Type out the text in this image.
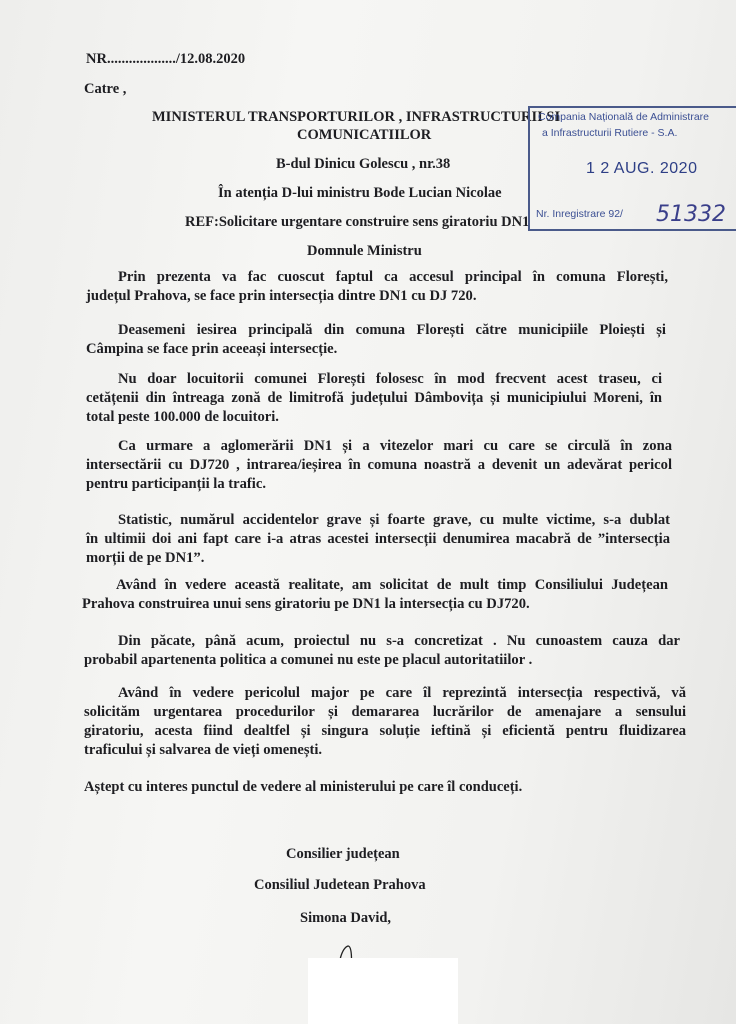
NR.................../12.08.2020
Catre ,
MINISTERUL TRANSPORTURILOR , INFRASTRUCTURII SI
COMUNICATIILOR
B-dul Dinicu Golescu , nr.38
În atenția D-lui ministru Bode Lucian Nicolae
REF:Solicitare urgentare construire sens giratoriu DN1
Domnule Ministru
Prin prezenta va fac cuoscut faptul ca accesul principal în comuna Florești,
județul Prahova, se face prin intersecția dintre DN1 cu DJ 720.
Deasemeni iesirea principală din comuna Florești către municipiile Ploiești și
Câmpina se face prin aceeași intersecție.
Nu doar locuitorii comunei Florești folosesc în mod frecvent acest traseu, ci
cetățenii din întreaga zonă de limitrofă județului Dâmbovița și municipiului Moreni, în
total peste 100.000 de locuitori.
Ca urmare a aglomerării DN1 și a vitezelor mari cu care se circulă în zona
intersectării cu DJ720 , intrarea/ieșirea în comuna noastră a devenit un adevărat pericol
pentru participanții la trafic.
Statistic, numărul accidentelor grave și foarte grave, cu multe victime, s-a dublat
în ultimii doi ani fapt care i-a atras acestei intersecții denumirea macabră de ”intersecția
morții de pe DN1”.
Având în vedere această realitate, am solicitat de mult timp Consiliului Județean
Prahova construirea unui sens giratoriu pe DN1 la intersecția cu DJ720.
Din păcate, până acum, proiectul nu s-a concretizat . Nu cunoastem cauza dar
probabil apartenenta politica a comunei nu este pe placul autoritatiilor .
Având în vedere pericolul major pe care îl reprezintă intersecția respectivă, vă
solicităm urgentarea procedurilor și demararea lucrărilor de amenajare a sensului
giratoriu, acesta fiind dealtfel și singura soluție ieftină și eficientă pentru fluidizarea
traficului și salvarea de vieți omenești.
Aștept cu interes punctul de vedere al ministerului pe care îl conduceți.
Consilier județean
Consiliul Judetean Prahova
Simona David,
Compania Națională de Administrare
a Infrastructurii Rutiere - S.A.
1 2 AUG. 2020
Nr. Inregistrare 92/ 51332
